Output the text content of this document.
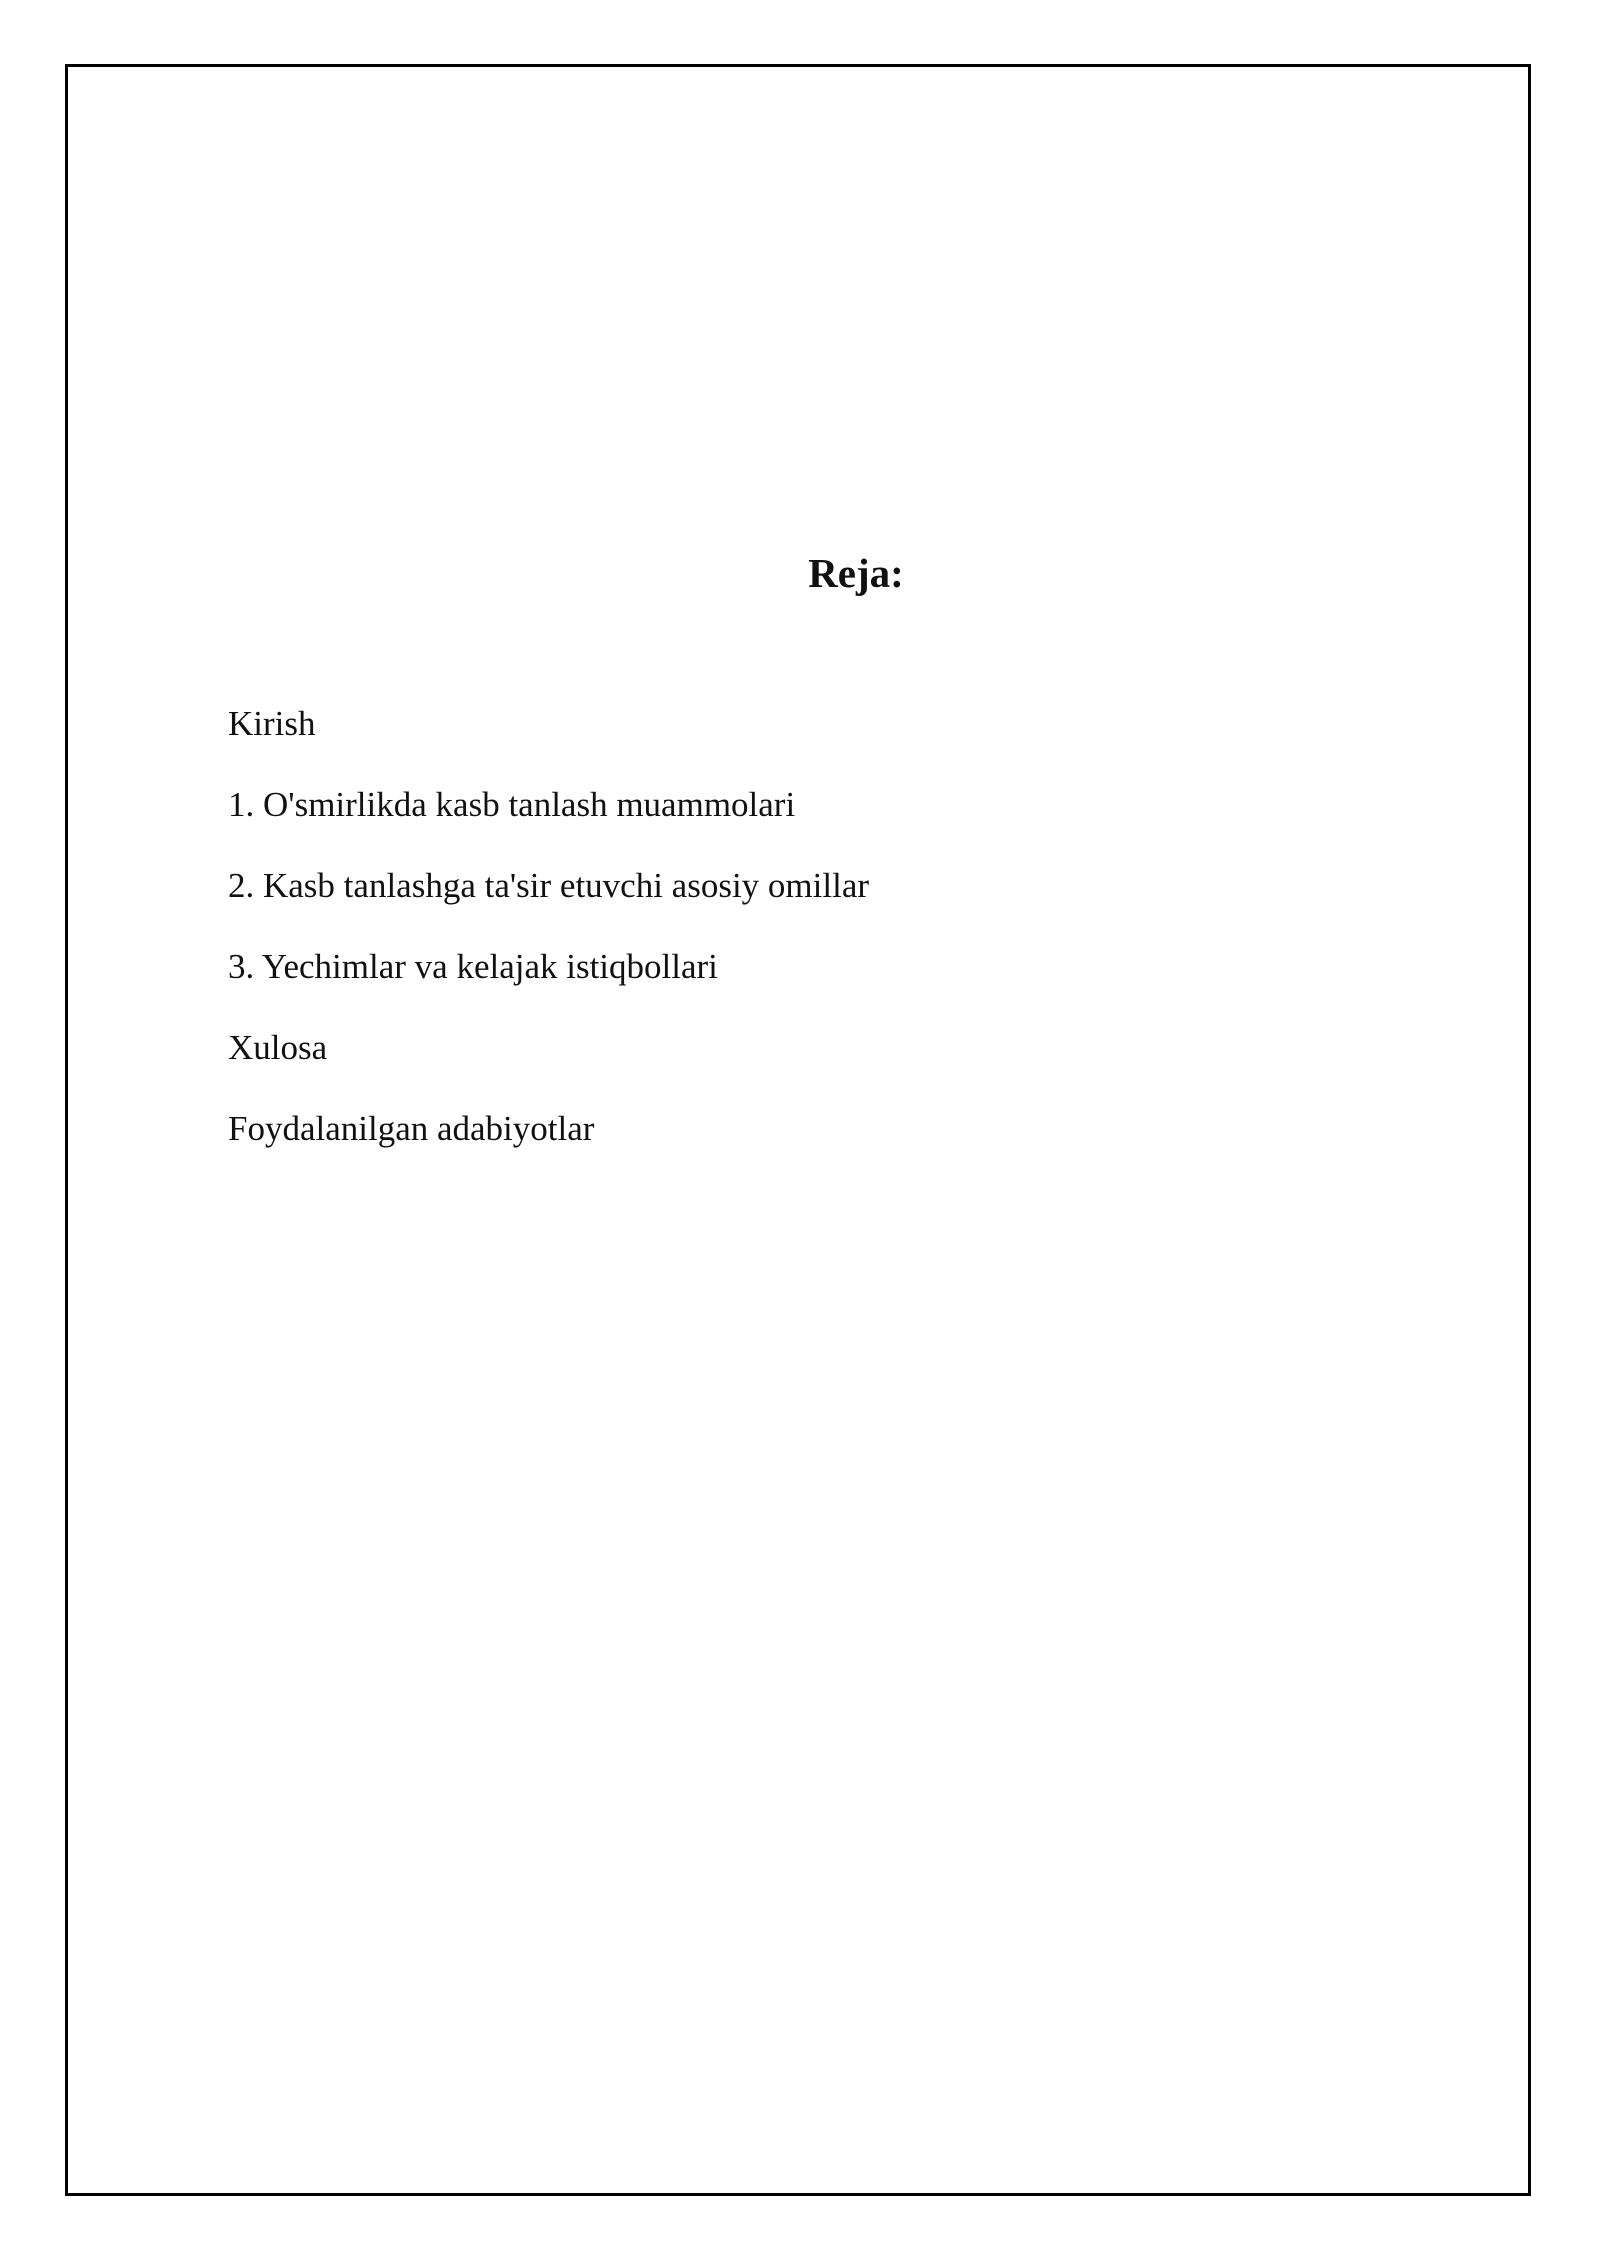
Reja:
Kirish
1. O'smirlikda kasb tanlash muammolari
2. Kasb tanlashga ta'sir etuvchi asosiy omillar
3. Yechimlar va kelajak istiqbollari
Xulosa
Foydalanilgan adabiyotlar
